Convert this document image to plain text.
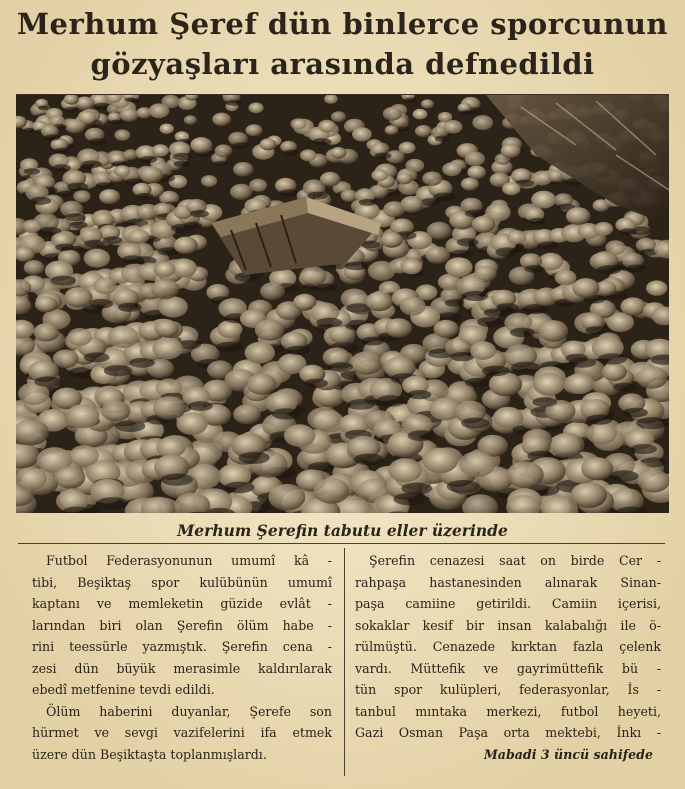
Merhum Şeref dün binlerce sporcunun
gözyaşları arasında defnedildi
Merhum Şerefin tabutu eller üzerinde
Futbol Federasyonunun umumî kâ -
tibi, Beşiktaş spor kulübünün umumî
kaptanı ve memleketin güzide evlât -
larından biri olan Şerefin ölüm habe -
rini teessürle yazmıştık. Şerefin cena -
zesi dün büyük merasimle kaldırılarak
ebedî metfenine tevdi edildi.
Ölüm haberini duyanlar, Şerefe son
hürmet ve sevgi vazifelerini ifa etmek
üzere dün Beşiktaşta toplanmışlardı.
Şerefin cenazesi saat on birde Cer -
rahpaşa hastanesinden alınarak Sinan-
paşa camiine getirildi. Camiin içerisi,
sokaklar kesif bir insan kalabalığı ile ö-
rülmüştü. Cenazede kırktan fazla çelenk
vardı. Müttefik ve gayrimüttefik bü -
tün spor kulüpleri, federasyonlar, İs -
tanbul mıntaka merkezi, futbol heyeti,
Gazi Osman Paşa orta mektebi, İnkı -
Mabadi 3 üncü sahifede
